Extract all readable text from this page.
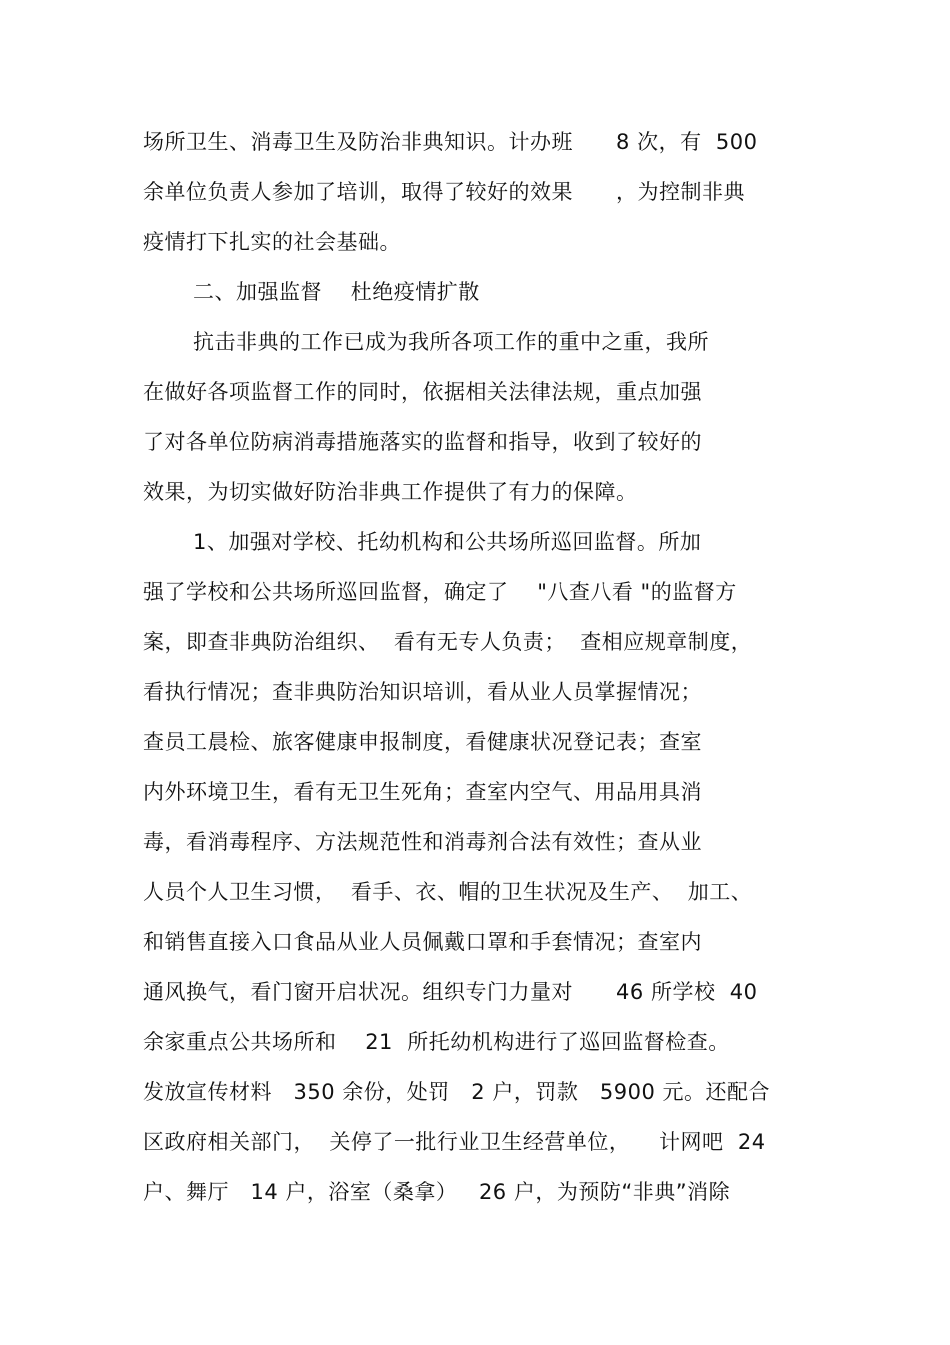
场所卫生、消毒卫生及防治非典知识。计办班      8 次，有  500

余单位负责人参加了培训，取得了较好的效果      ，为控制非典

疫情打下扎实的社会基础。

二、加强监督    杜绝疫情扩散

抗击非典的工作已成为我所各项工作的重中之重，我所

在做好各项监督工作的同时，依据相关法律法规，重点加强

了对各单位防病消毒措施落实的监督和指导，收到了较好的

效果，为切实做好防治非典工作提供了有力的保障。

1、加强对学校、托幼机构和公共场所巡回监督。所加

强了学校和公共场所巡回监督，确定了    "八查八看 "的监督方

案，即查非典防治组织、  看有无专人负责；  查相应规章制度，

看执行情况；查非典防治知识培训，看从业人员掌握情况；

查员工晨检、旅客健康申报制度，看健康状况登记表；查室

内外环境卫生，看有无卫生死角；查室内空气、用品用具消

毒，看消毒程序、方法规范性和消毒剂合法有效性；查从业

人员个人卫生习惯，  看手、衣、帽的卫生状况及生产、  加工、

和销售直接入口食品从业人员佩戴口罩和手套情况；查室内

通风换气，看门窗开启状况。组织专门力量对      46 所学校  40

余家重点公共场所和    21  所托幼机构进行了巡回监督检查。

发放宣传材料   350 余份，处罚   2 户，罚款   5900 元。还配合

区政府相关部门，  关停了一批行业卫生经营单位，    计网吧  24

户、舞厅   14 户，浴室（桑拿）   26 户，为预防“非典”消除
